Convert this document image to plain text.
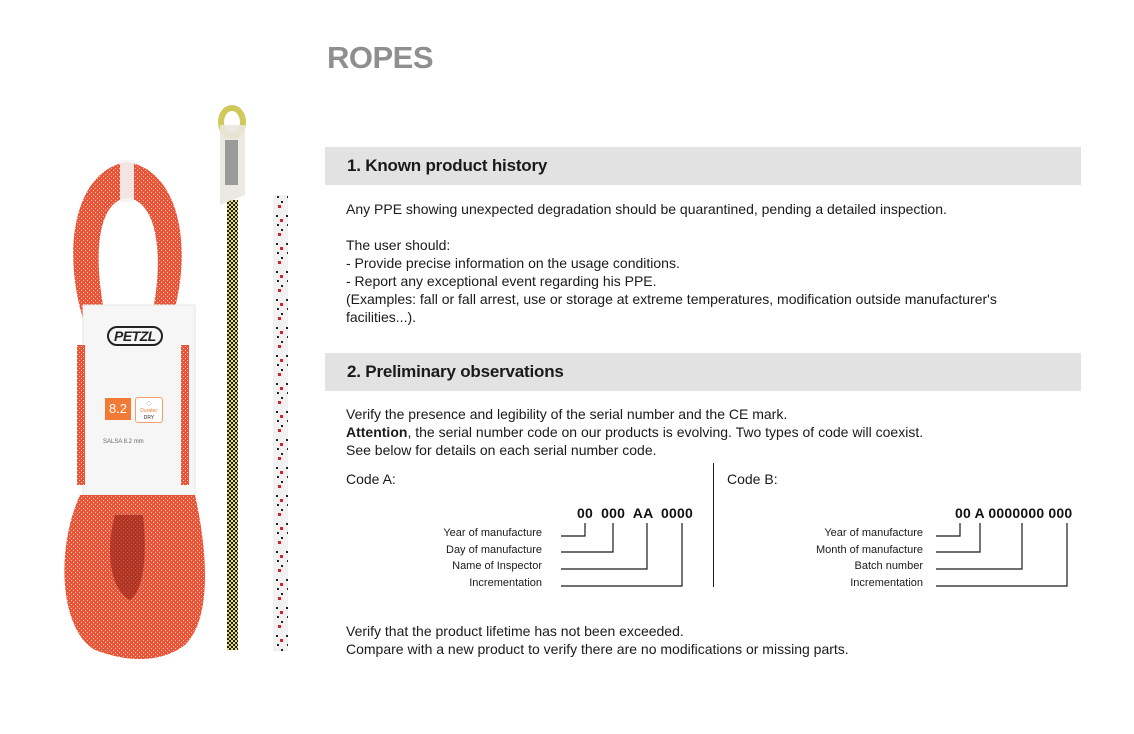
ROPES
PETZL
8.2	◌
Duratec
DRY
SALSA 8.2 mm
1. Known product history
Any PPE showing unexpected degradation should be quarantined, pending a detailed inspection.
The user should:
- Provide precise information on the usage conditions.
- Report any exceptional event regarding his PPE.
(Examples: fall or fall arrest, use or storage at extreme temperatures, modification outside manufacturer's
facilities...).
2. Preliminary observations
Verify the presence and legibility of the serial number and the CE mark.
Attention, the serial number code on our products is evolving. Two types of code will coexist.
See below for details on each serial number code.
Code A:
00  000  AA  0000
Year of manufacture
Day of manufacture
Name of Inspector
Incrementation
Code B:
00 A 0000000 000
Year of manufacture
Month of manufacture
Batch number
Incrementation
Verify that the product lifetime has not been exceeded.
Compare with a new product to verify there are no modifications or missing parts.
